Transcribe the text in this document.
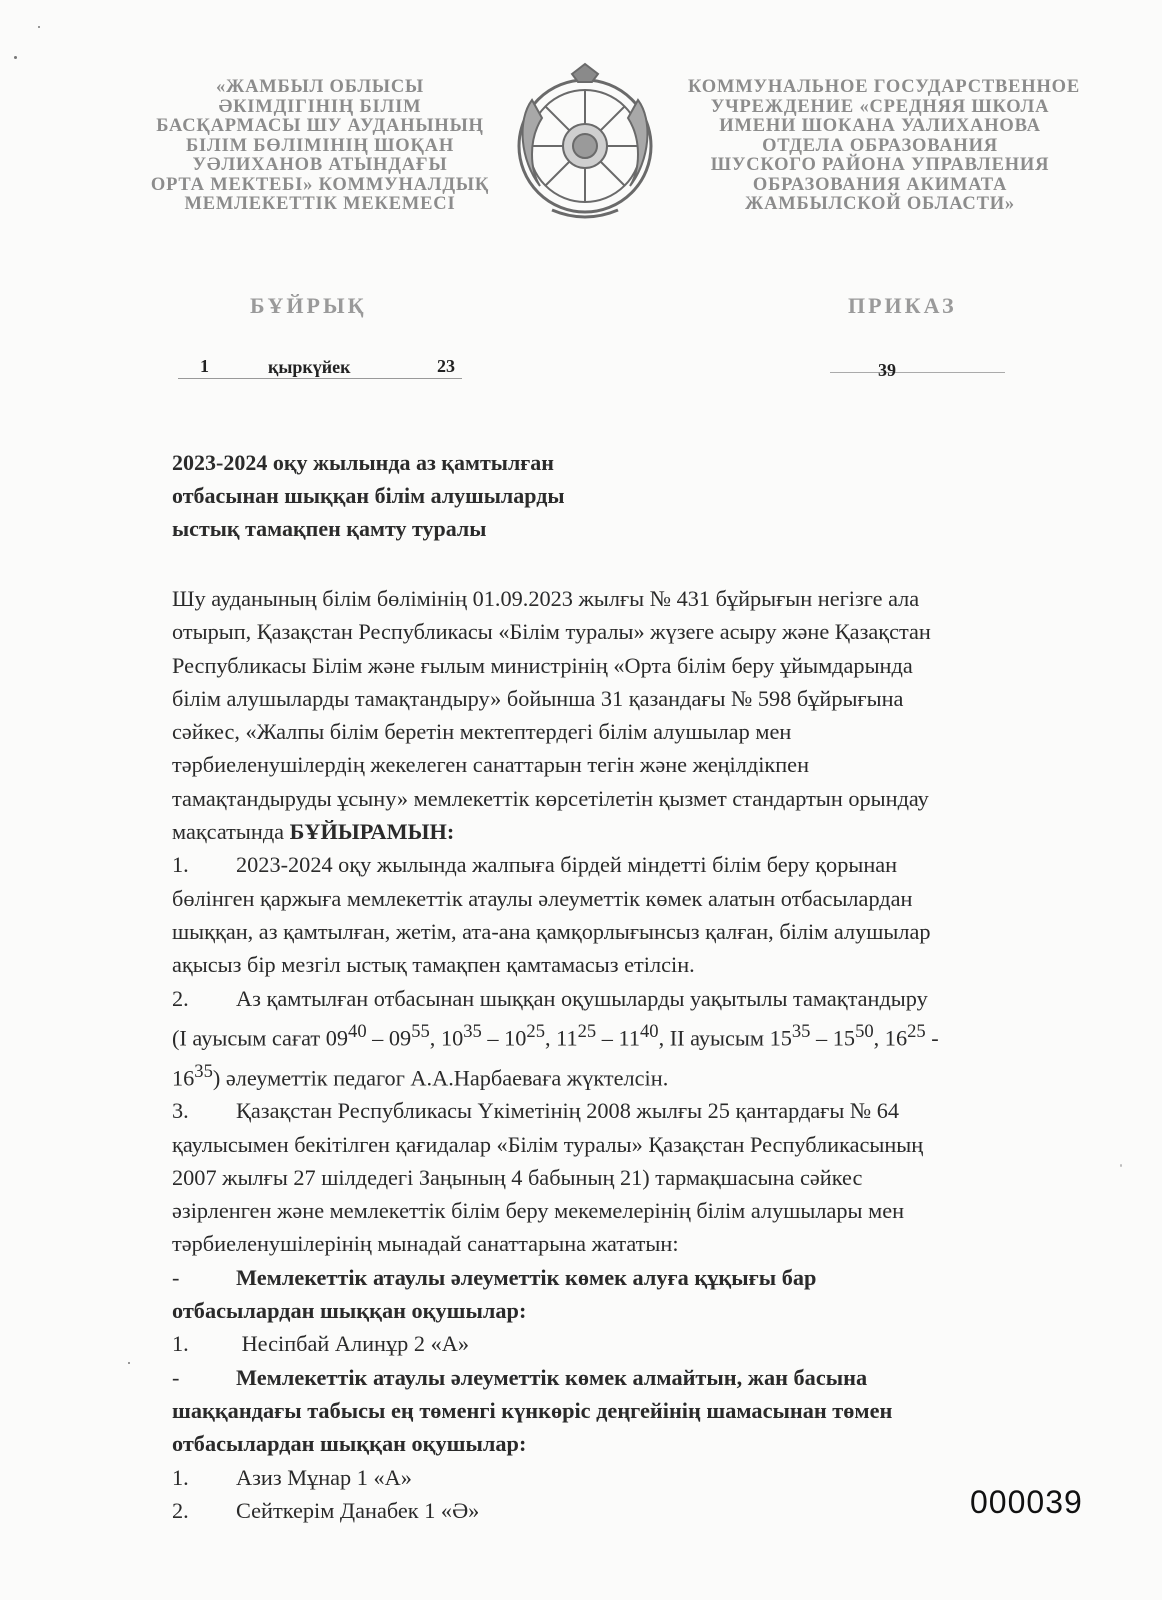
«ЖАМБЫЛ ОБЛЫСЫ
ӘКІМДІГІНІҢ БІЛІМ
БАСҚАРМАСЫ ШУ АУДАНЫНЫҢ
БІЛІМ БӨЛІМІНІҢ ШОҚАН
УӘЛИХАНОВ АТЫНДАҒЫ
ОРТА МЕКТЕБІ» КОММУНАЛДЫҚ
МЕМЛЕКЕТТІК МЕКЕМЕСІ
КОММУНАЛЬНОЕ ГОСУДАРСТВЕННОЕ
УЧРЕЖДЕНИЕ «СРЕДНЯЯ ШКОЛА
ИМЕНИ ШОКАНА УАЛИХАНОВА
ОТДЕЛА ОБРАЗОВАНИЯ
ШУСКОГО РАЙОНА УПРАВЛЕНИЯ
ОБРАЗОВАНИЯ АКИМАТА
ЖАМБЫЛСКОЙ ОБЛАСТИ»
БҰЙРЫҚ	ПРИКАЗ
1	қыркүйек	23	39
2023-2024 оқу жылында аз қамтылған
отбасынан шыққан білім алушыларды
ыстық тамақпен қамту туралы
Шу ауданының білім бөлімінің 01.09.2023 жылғы № 431 бұйрығын негізге ала
отырып, Қазақстан Республикасы «Білім туралы» жүзеге асыру және Қазақстан
Республикасы Білім және ғылым министрінің «Орта білім беру ұйымдарында
білім алушыларды тамақтандыру» бойынша 31 қазандағы № 598 бұйрығына
сәйкес, «Жалпы білім беретін мектептердегі білім алушылар мен
тәрбиеленушілердің жекелеген санаттарын тегін және жеңілдікпен
тамақтандыруды ұсыну» мемлекеттік көрсетілетін қызмет стандартын орындау
мақсатында БҰЙЫРАМЫН:
1. 2023-2024 оқу жылында жалпыға бірдей міндетті білім беру қорынан
бөлінген қаржыға мемлекеттік атаулы әлеуметтік көмек алатын отбасылардан
шыққан, аз қамтылған, жетім, ата-ана қамқорлығынсыз қалған, білім алушылар
ақысыз бір мезгіл ыстық тамақпен қамтамасыз етілсін.
2. Аз қамтылған отбасынан шыққан оқушыларды уақытылы тамақтандыру
(I ауысым сағат $09^{40} - 09^{55}$, $10^{35} - 10^{25}$, $11^{25} - 11^{40}$, II ауысым $15^{35} - 15^{50}$, $16^{25}$ -
$16^{35}$) әлеуметтік педагог А.А.Нарбаеваға жүктелсін.
3. Қазақстан Республикасы Үкіметінің 2008 жылғы 25 қантардағы № 64
қаулысымен бекітілген қағидалар «Білім туралы» Қазақстан Республикасының
2007 жылғы 27 шілдедегі Заңының 4 бабының 21) тармақшасына сәйкес
әзірленген және мемлекеттік білім беру мекемелерінің білім алушылары мен
тәрбиеленушілерінің мынадай санаттарына жататын:
-	Мемлекеттік атаулы әлеуметтік көмек алуға құқығы бар
отбасылардан шыққан оқушылар:
1. Несіпбай Алинұр 2 «А»
-	Мемлекеттік атаулы әлеуметтік көмек алмайтын, жан басына
шаққандағы табысы ең төменгі күнкөріс деңгейінің шамасынан төмен
отбасылардан шыққан оқушылар:
1. Азиз Мұнар 1 «А»
2. Сейткерім Данабек 1 «Ә»	000039
